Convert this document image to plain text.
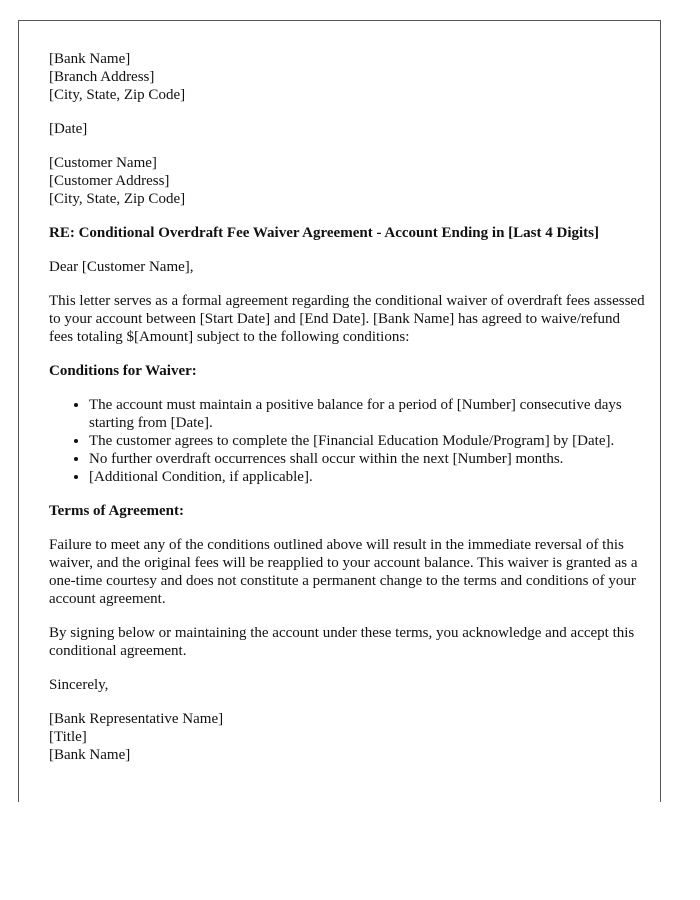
[Bank Name]
[Branch Address]
[City, State, Zip Code]

[Date]

[Customer Name]
[Customer Address]
[City, State, Zip Code]

RE: Conditional Overdraft Fee Waiver Agreement - Account Ending in [Last 4 Digits]

Dear [Customer Name],

This letter serves as a formal agreement regarding the conditional waiver of overdraft fees assessed to your account between [Start Date] and [End Date]. [Bank Name] has agreed to waive/refund fees totaling $[Amount] subject to the following conditions:

Conditions for Waiver:

• The account must maintain a positive balance for a period of [Number] consecutive days starting from [Date].
• The customer agrees to complete the [Financial Education Module/Program] by [Date].
• No further overdraft occurrences shall occur within the next [Number] months.
• [Additional Condition, if applicable].

Terms of Agreement:

Failure to meet any of the conditions outlined above will result in the immediate reversal of this waiver, and the original fees will be reapplied to your account balance. This waiver is granted as a one-time courtesy and does not constitute a permanent change to the terms and conditions of your account agreement.

By signing below or maintaining the account under these terms, you acknowledge and accept this conditional agreement.

Sincerely,

[Bank Representative Name]
[Title]
[Bank Name]
